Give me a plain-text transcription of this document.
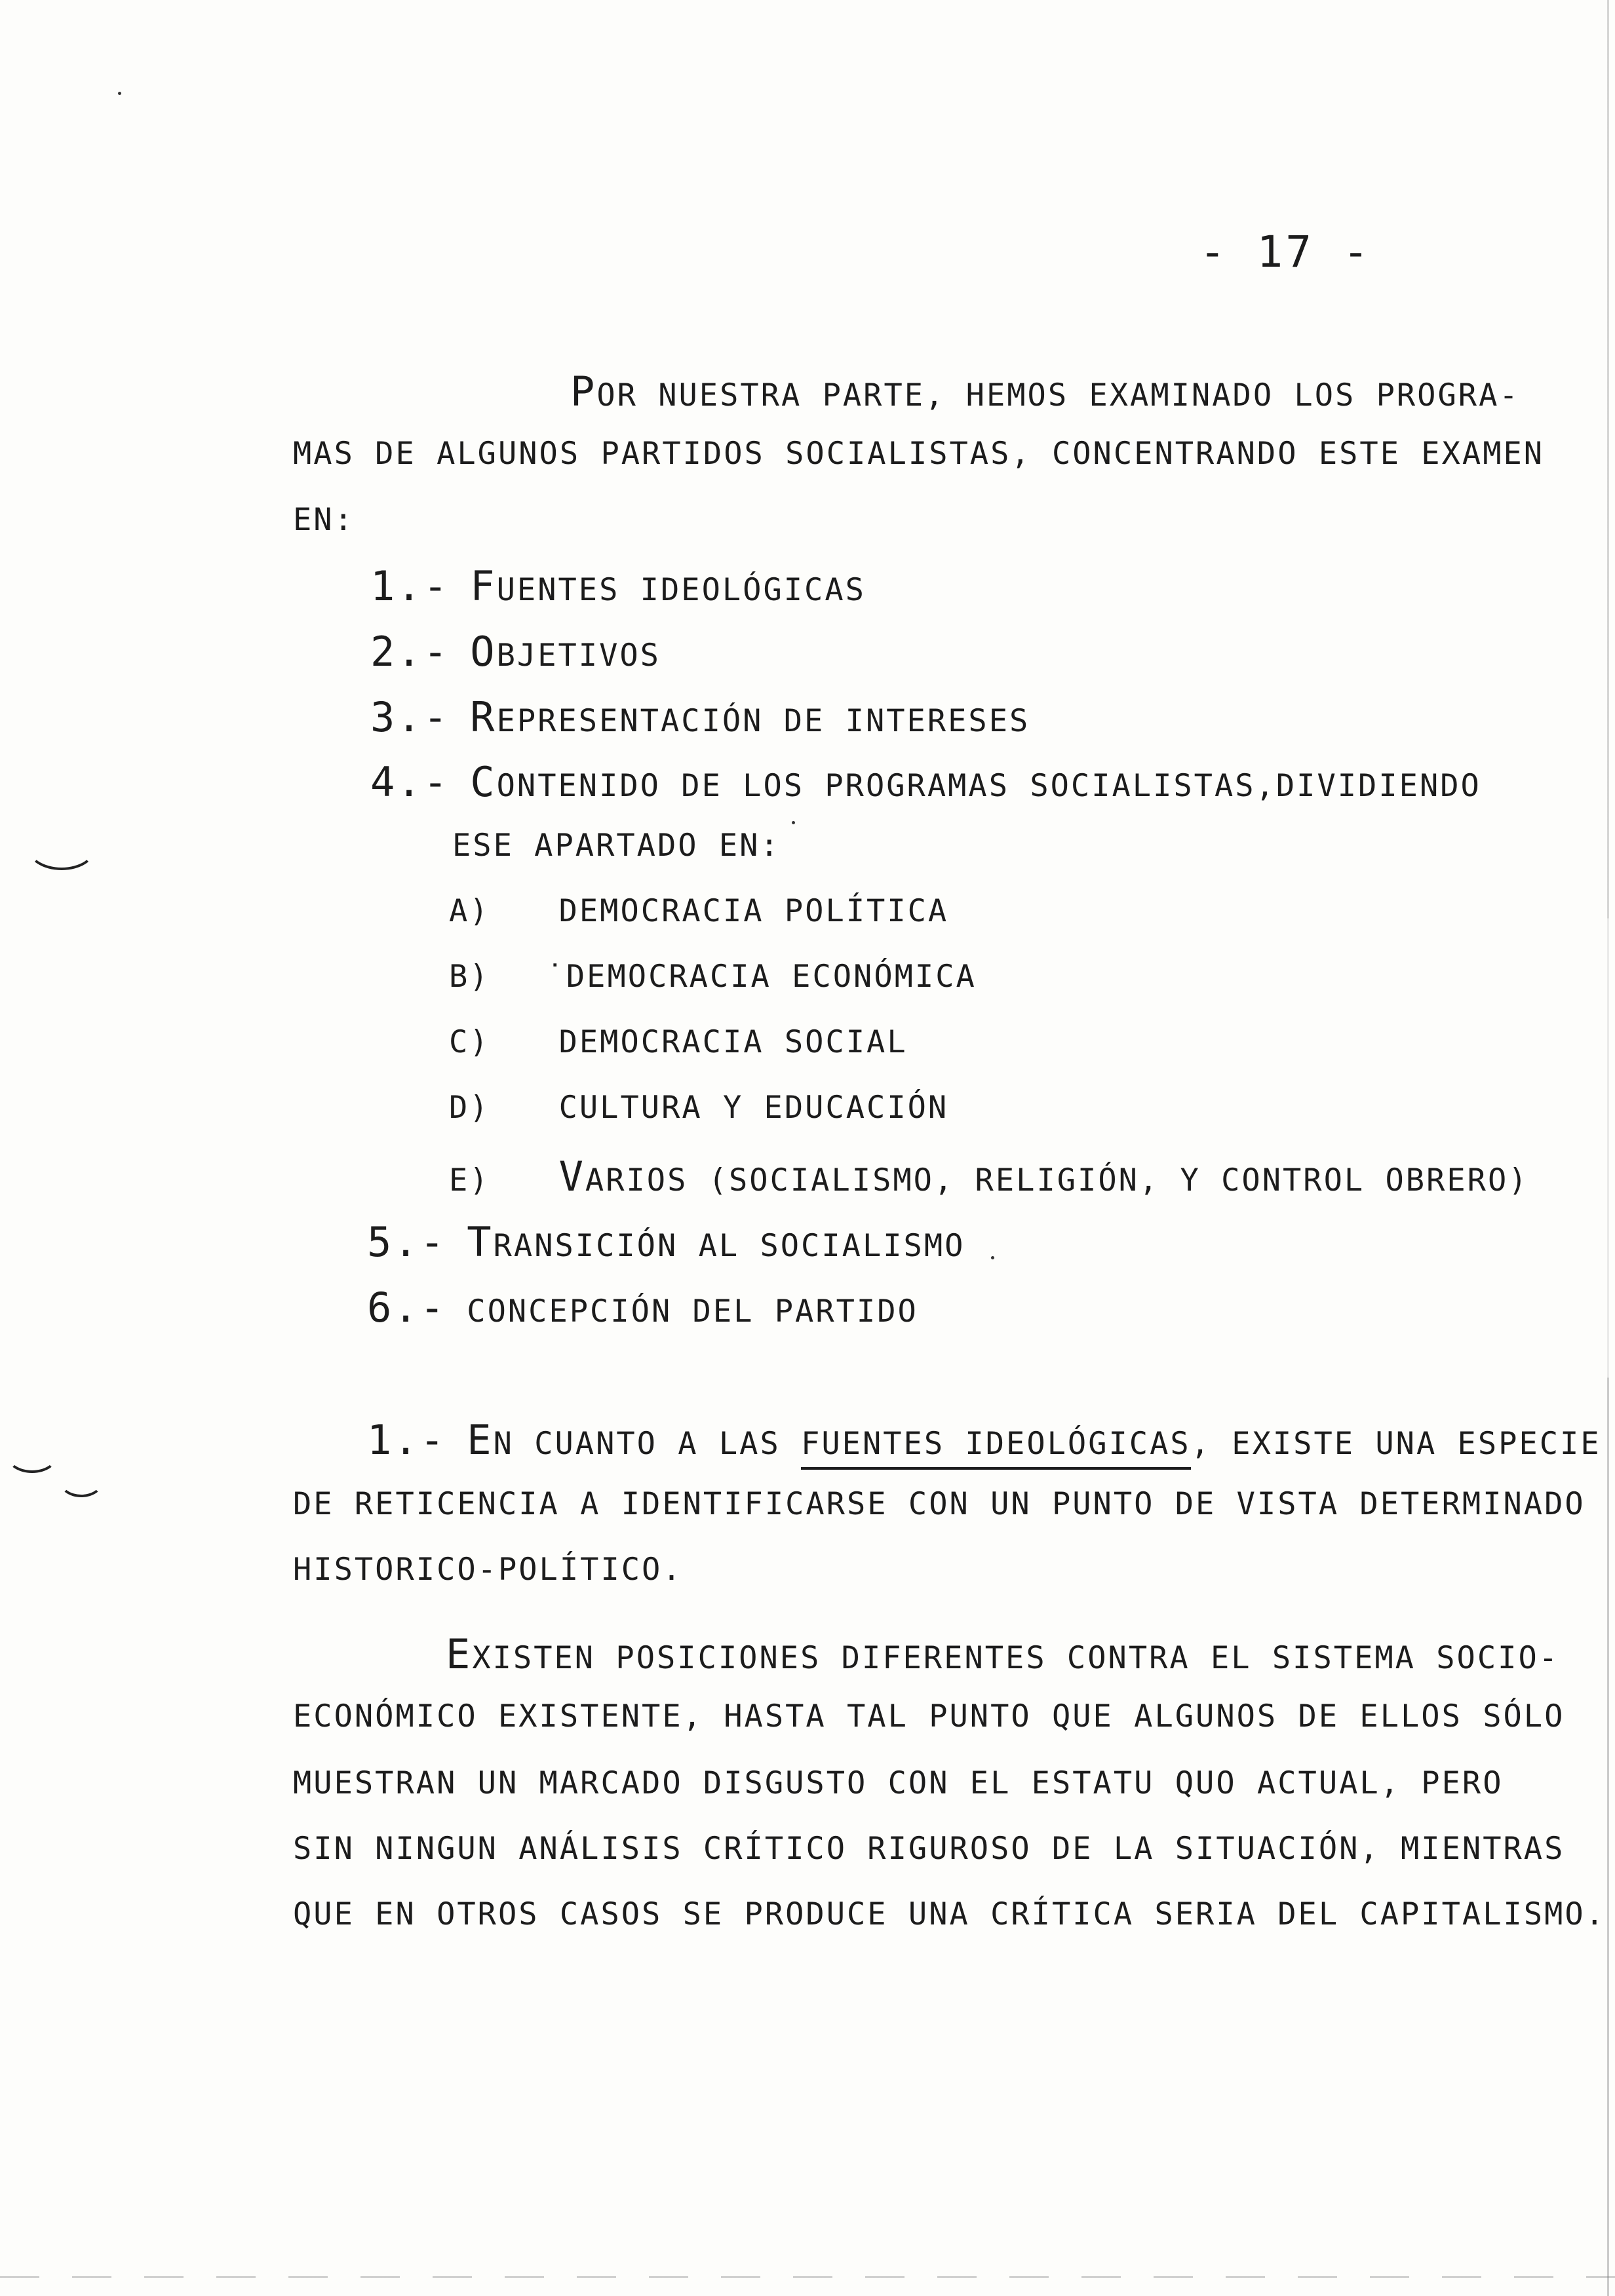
- 17 -
POR NUESTRA PARTE, HEMOS EXAMINADO LOS PROGRA-
MAS DE ALGUNOS PARTIDOS SOCIALISTAS, CONCENTRANDO ESTE EXAMEN
EN:
1.- FUENTES IDEOLÓGICAS
2.- OBJETIVOS
3.- REPRESENTACIÓN DE INTERESES
4.- CONTENIDO DE LOS PROGRAMAS SOCIALISTAS,DIVIDIENDO
ESE APARTADO EN:
A) DEMOCRACIA POLÍTICA
B) ˙DEMOCRACIA ECONÓMICA
C) DEMOCRACIA SOCIAL
D) CULTURA Y EDUCACIÓN
E) VARIOS (SOCIALISMO, RELIGIÓN, Y CONTROL OBRERO)
5.- TRANSICIÓN AL SOCIALISMO
6.- CONCEPCIÓN DEL PARTIDO
1.- EN CUANTO A LAS FUENTES IDEOLÓGICAS, EXISTE UNA ESPECIE
DE RETICENCIA A IDENTIFICARSE CON UN PUNTO DE VISTA DETERMINADO
HISTORICO-POLÍTICO.
EXISTEN POSICIONES DIFERENTES CONTRA EL SISTEMA SOCIO-
ECONÓMICO EXISTENTE, HASTA TAL PUNTO QUE ALGUNOS DE ELLOS SÓLO
MUESTRAN UN MARCADO DISGUSTO CON EL ESTATU QUO ACTUAL, PERO
SIN NINGUN ANÁLISIS CRÍTICO RIGUROSO DE LA SITUACIÓN, MIENTRAS
QUE EN OTROS CASOS SE PRODUCE UNA CRÍTICA SERIA DEL CAPITALISMO.
